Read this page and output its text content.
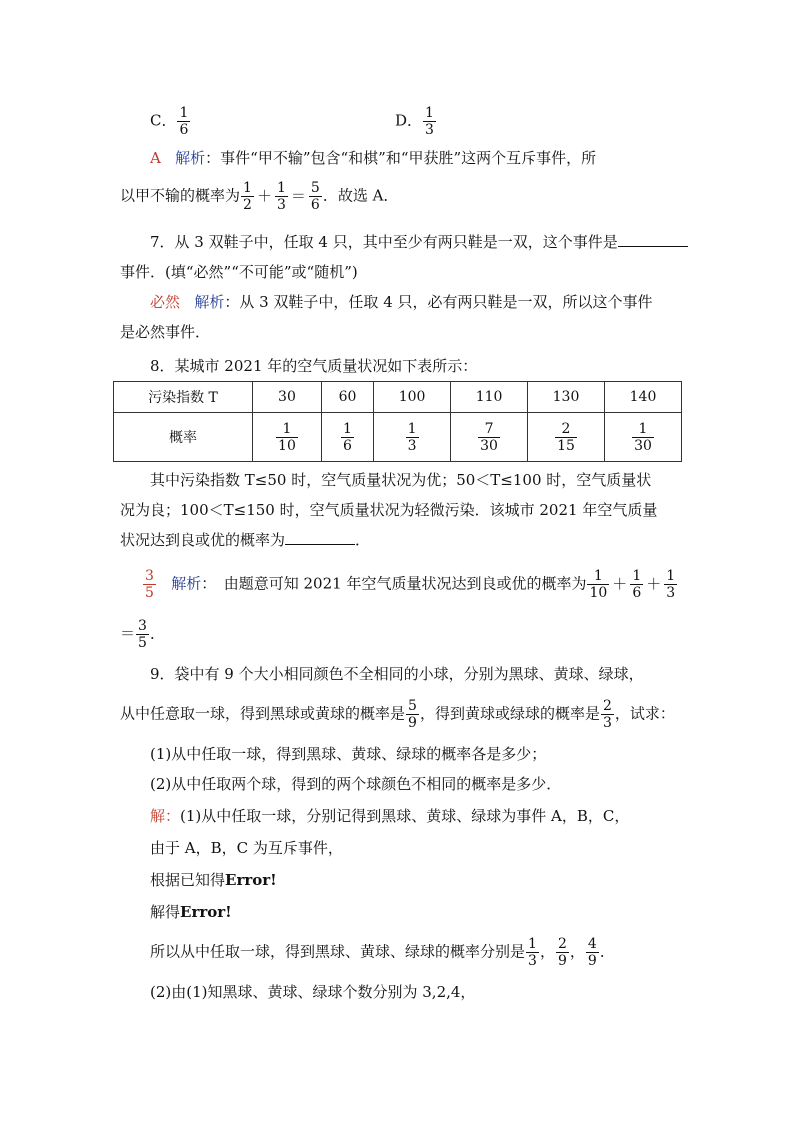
C． $\frac{1}{6}$	D． $\frac{1}{3}$
A 解析：事件“甲不输”包含“和棋”和“甲获胜”这两个互斥事件，所
以甲不输的概率为 $\frac{1}{2} + \frac{1}{3} = \frac{5}{6}$ ．故选 A．
7．从 3 双鞋子中，任取 4 只，其中至少有两只鞋是一双，这个事件是
事件．(填“必然”“不可能”或“随机”)
必然 解析：从 3 双鞋子中，任取 4 只，必有两只鞋是一双，所以这个事件
是必然事件．
8．某城市 2021 年的空气质量状况如下表所示：
污染指数 T	30	60	100	110	130	140
概率	$\frac{1}{10}$	$\frac{1}{6}$	$\frac{1}{3}$	$\frac{7}{30}$	$\frac{2}{15}$	$\frac{1}{30}$
其中污染指数 T≤50 时，空气质量状况为优；50＜T≤100 时，空气质量状
况为良；100＜T≤150 时，空气质量状况为轻微污染．该城市 2021 年空气质量
状况达到良或优的概率为	．
$\frac{3}{5}$ 解析：　由题意可知 2021 年空气质量状况达到良或优的概率为 $\frac{1}{10} + \frac{1}{6} + \frac{1}{3}$
＝ $\frac{3}{5}$ ．
9．袋中有 9 个大小相同颜色不全相同的小球，分别为黑球、黄球、绿球，
从中任意取一球，得到黑球或黄球的概率是 $\frac{5}{9}$ ，得到黄球或绿球的概率是 $\frac{2}{3}$ ，试求：
(1)从中任取一球，得到黑球、黄球、绿球的概率各是多少；
(2)从中任取两个球，得到的两个球颜色不相同的概率是多少．
解：(1)从中任取一球，分别记得到黑球、黄球、绿球为事件 A，B，C，
由于 A，B，C 为互斥事件，
根据已知得Error!
解得Error!
所以从中任取一球，得到黑球、黄球、绿球的概率分别是 $\frac{1}{3}$ ， $\frac{2}{9}$ ， $\frac{4}{9}$ ．
(2)由(1)知黑球、黄球、绿球个数分别为 3,2,4，
